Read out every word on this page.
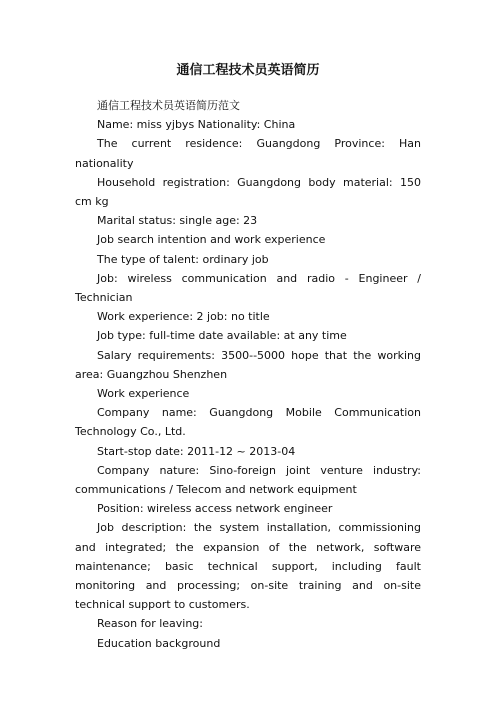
通信工程技术员英语简历

通信工程技术员英语简历范文

Name: miss yjbys Nationality: China

The current residence: Guangdong Province: Han nationality

Household registration: Guangdong body material: 150 cm kg

Marital status: single age: 23

Job search intention and work experience

The type of talent: ordinary job

Job: wireless communication and radio - Engineer / Technician

Work experience: 2 job: no title

Job type: full-time date available: at any time

Salary requirements: 3500--5000 hope that the working area: Guangzhou Shenzhen

Work experience

Company name: Guangdong Mobile Communication Technology Co., Ltd.

Start-stop date: 2011-12 ~ 2013-04

Company nature: Sino-foreign joint venture industry: communications / Telecom and network equipment

Position: wireless access network engineer

Job description: the system installation, commissioning and integrated; the expansion of the network, software maintenance; basic technical support, including fault monitoring and processing; on-site training and on-site technical support to customers.

Reason for leaving:

Education background
